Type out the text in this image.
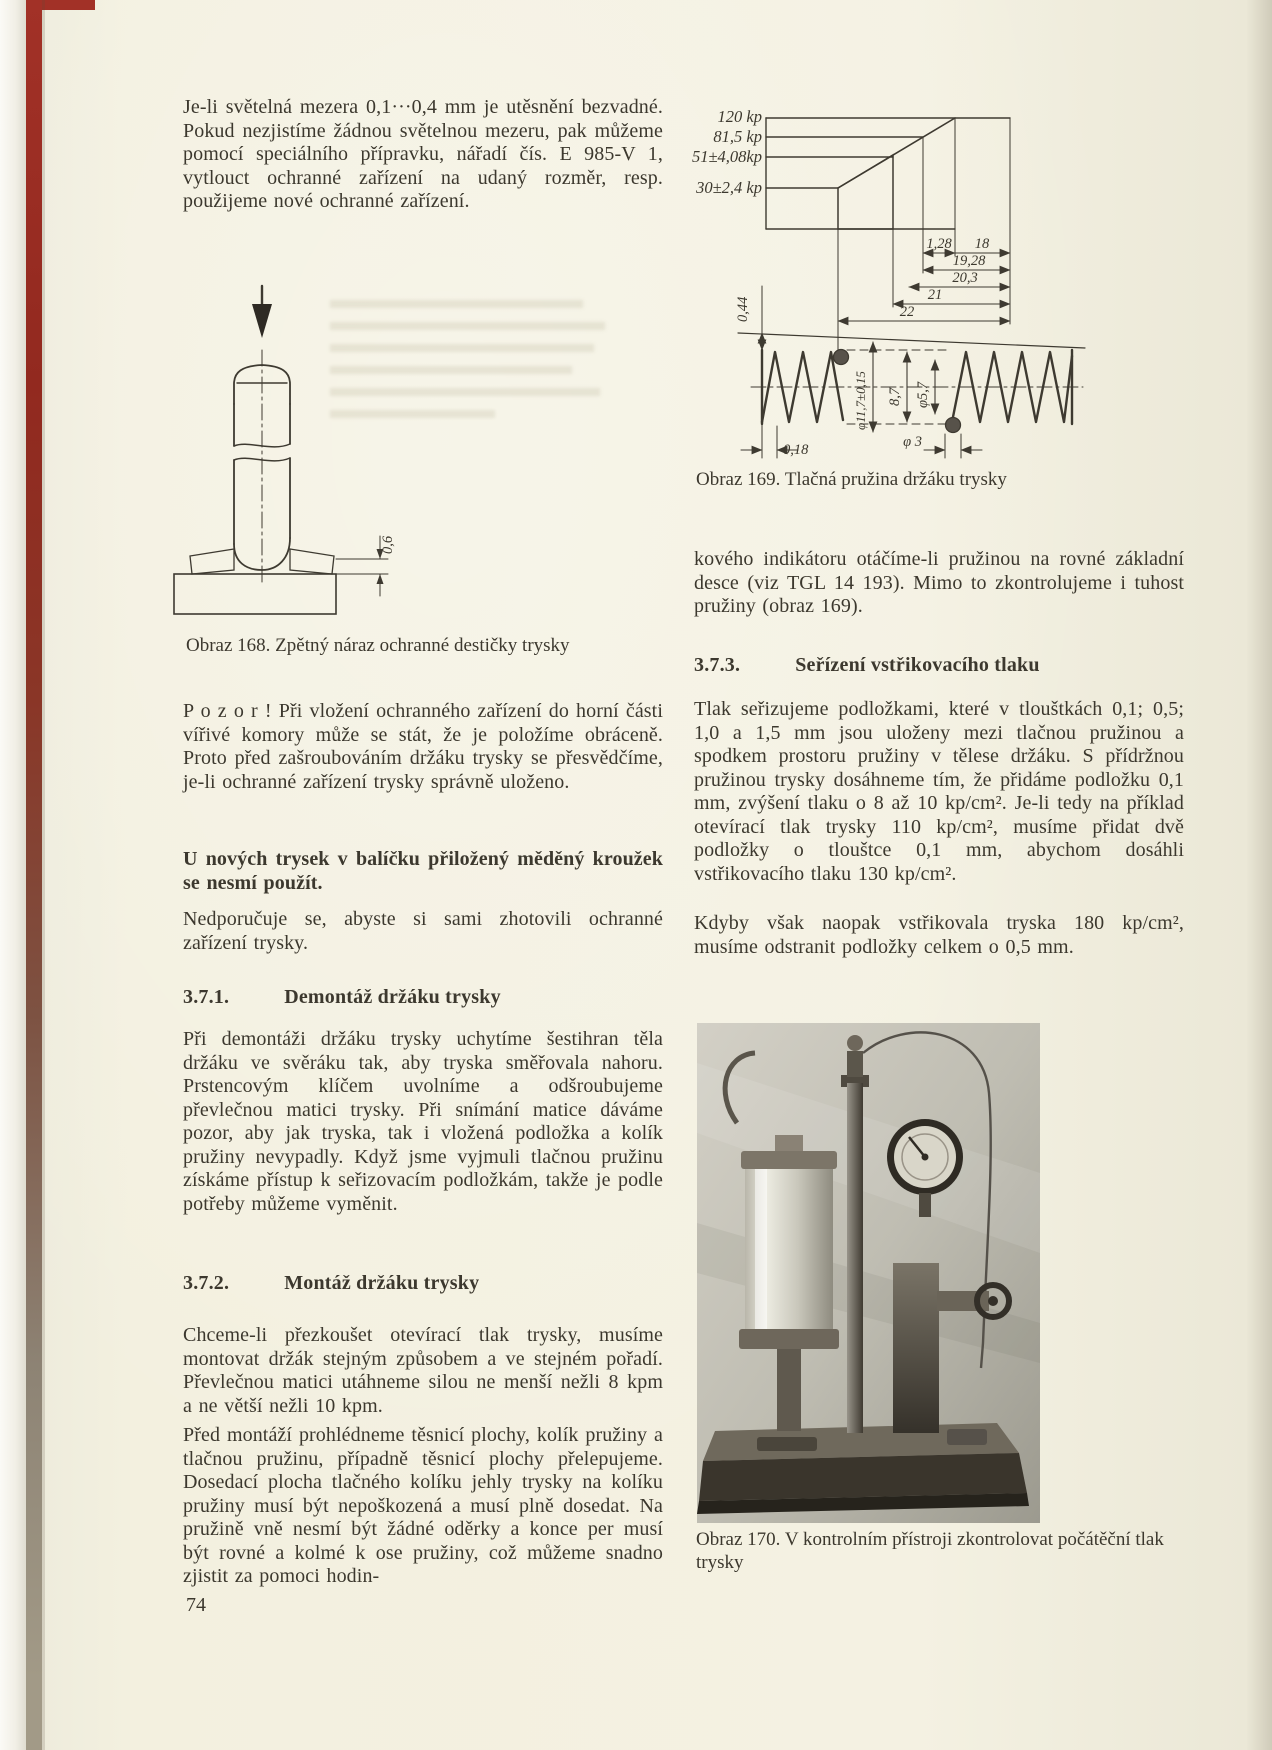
Je-li světelná mezera 0,1···0,4 mm je utěsnění bezvadné. Pokud nezjistíme žádnou světelnou mezeru, pak můžeme pomocí speciálního přípravku, nářadí čís. E 985-V 1, vytlouct ochranné zařízení na udaný rozměr, resp. použijeme nové ochranné zařízení.
0,6
Obraz 168. Zpětný náraz ochranné destičky trysky
P o z o r ! Při vložení ochranného zařízení do horní části vířivé komory může se stát, že je položíme obráceně. Proto před zašroubováním držáku trysky se přesvědčíme, je-li ochranné zařízení trysky správně uloženo.
U nových trysek v balíčku přiložený měděný kroužek se nesmí použít.
Nedporučuje se, abyste si sami zhotovili ochranné zařízení trysky.
3.7.1.	Demontáž držáku trysky
Při demontáži držáku trysky uchytíme šestihran těla držáku ve svěráku tak, aby tryska směřovala nahoru. Prstencovým klíčem uvolníme a odšroubujeme převlečnou matici trysky. Při snímání matice dáváme pozor, aby jak tryska, tak i vložená podložka a kolík pružiny nevypadly. Když jsme vyjmuli tlačnou pružinu získáme přístup k seřizovacím podložkám, takže je podle potřeby můžeme vyměnit.
3.7.2.	Montáž držáku trysky
Chceme-li přezkoušet otevírací tlak trysky, musíme montovat držák stejným způsobem a ve stejném pořadí. Převlečnou matici utáhneme silou ne menší nežli 8 kpm a ne větší nežli 10 kpm.
Před montáží prohlédneme těsnicí plochy, kolík pružiny a tlačnou pružinu, případně těsnicí plochy přelepujeme. Dosedací plocha tlačného kolíku jehly trysky na kolíku pružiny musí být nepoškozená a musí plně dosedat. Na pružině vně nesmí být žádné oděrky a konce per musí být rovné a kolmé k ose pružiny, což můžeme snadno zjistit za pomoci hodin-
74
120 kp
81,5 kp
51±4,08kp
30±2,4 kp
1,28 18
19,28
20,3
21
22
0,44
φ11,7±0,15 8,7 φ5,7
0,18	φ 3
Obraz 169. Tlačná pružina držáku trysky
kového indikátoru otáčíme-li pružinou na rovné základní desce (viz TGL 14 193). Mimo to zkontrolujeme i tuhost pružiny (obraz 169).
3.7.3.	Seřízení vstřikovacího tlaku
Tlak seřizujeme podložkami, které v tlouštkách 0,1; 0,5; 1,0 a 1,5 mm jsou uloženy mezi tlačnou pružinou a spodkem prostoru pružiny v tělese držáku. S přídržnou pružinou trysky dosáhneme tím, že přidáme podložku 0,1 mm, zvýšení tlaku o 8 až 10 kp/cm². Je-li tedy na příklad otevírací tlak trysky 110 kp/cm², musíme přidat dvě podložky o tlouštce 0,1 mm, abychom dosáhli vstřikovacího tlaku 130 kp/cm².
Kdyby však naopak vstřikovala tryska 180 kp/cm², musíme odstranit podložky celkem o 0,5 mm.
Obraz 170. V kontrolním přístroji zkontrolovat počátěční tlak trysky
